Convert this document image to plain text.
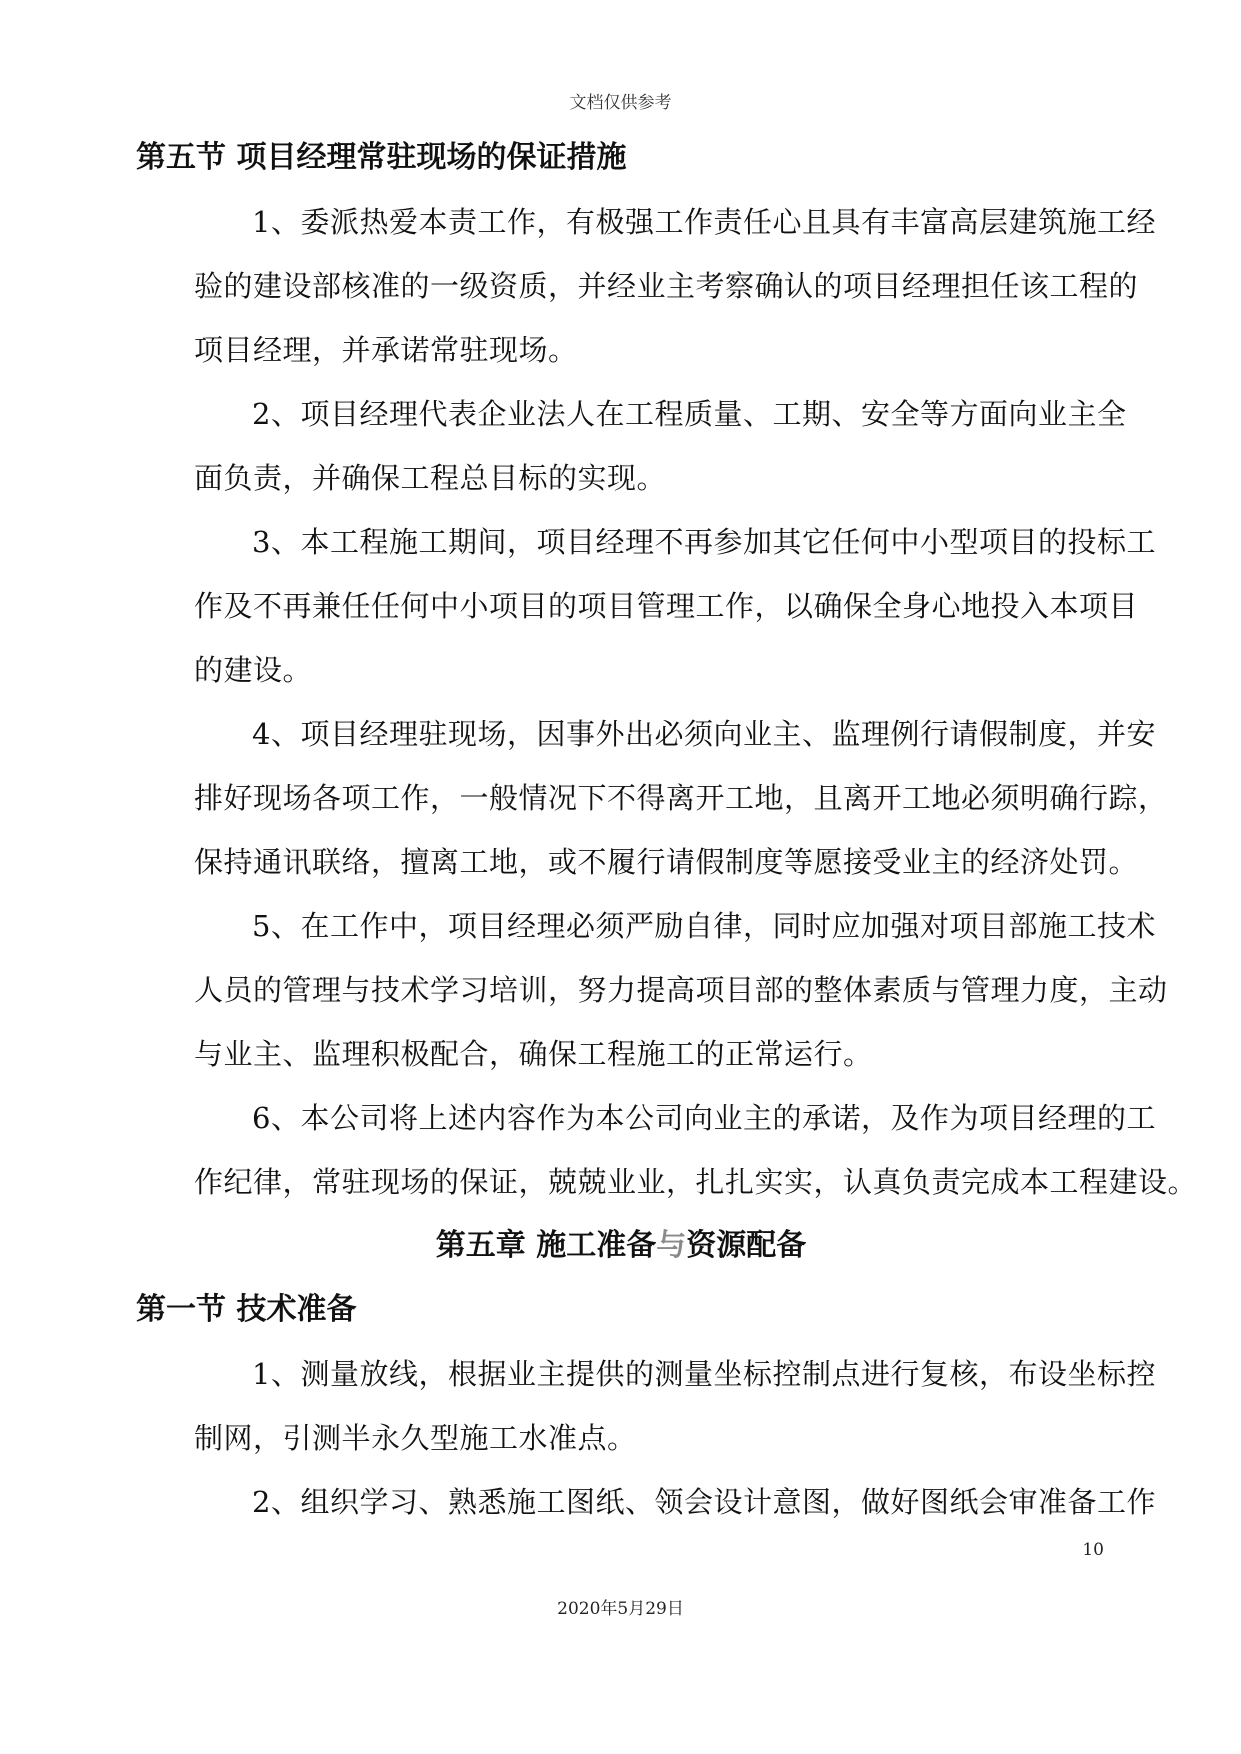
文档仅供参考
第五节 项目经理常驻现场的保证措施
1、委派热爱本责工作，有极强工作责任心且具有丰富高层建筑施工经
验的建设部核准的一级资质，并经业主考察确认的项目经理担任该工程的
项目经理，并承诺常驻现场。
2、项目经理代表企业法人在工程质量、工期、安全等方面向业主全
面负责，并确保工程总目标的实现。
3、本工程施工期间，项目经理不再参加其它任何中小型项目的投标工
作及不再兼任任何中小项目的项目管理工作，以确保全身心地投入本项目
的建设。
4、项目经理驻现场，因事外出必须向业主、监理例行请假制度，并安
排好现场各项工作，一般情况下不得离开工地，且离开工地必须明确行踪，
保持通讯联络，擅离工地，或不履行请假制度等愿接受业主的经济处罚。
5、在工作中，项目经理必须严励自律，同时应加强对项目部施工技术
人员的管理与技术学习培训，努力提高项目部的整体素质与管理力度，主动
与业主、监理积极配合，确保工程施工的正常运行。
6、本公司将上述内容作为本公司向业主的承诺，及作为项目经理的工
作纪律，常驻现场的保证，兢兢业业，扎扎实实，认真负责完成本工程建设。
第五章 施工准备与资源配备
第一节 技术准备
1、测量放线，根据业主提供的测量坐标控制点进行复核，布设坐标控
制网，引测半永久型施工水准点。
2、组织学习、熟悉施工图纸、领会设计意图，做好图纸会审准备工作
10
2020年5月29日
